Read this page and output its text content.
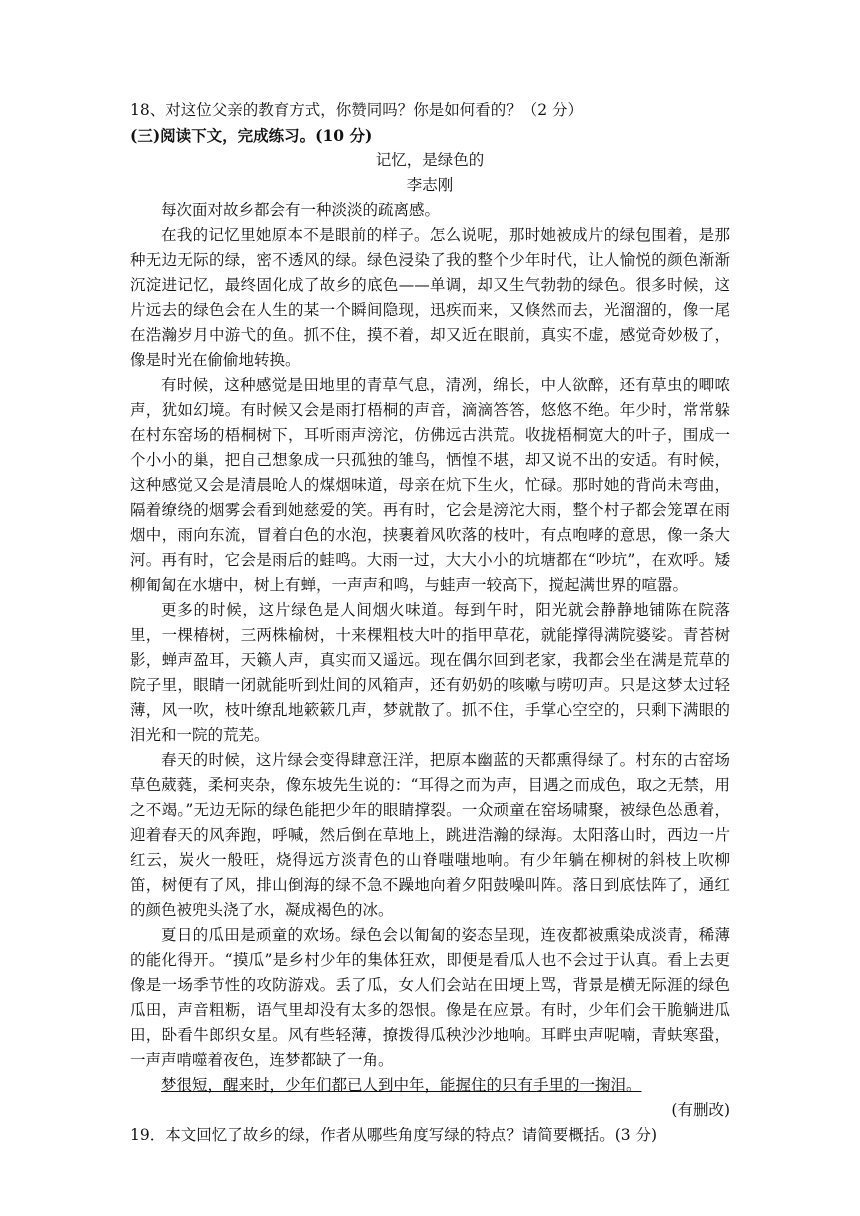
18、对这位父亲的教育方式，你赞同吗？你是如何看的？（2 分）

(三)阅读下文，完成练习。(10 分)

记忆，是绿色的

李志刚

每次面对故乡都会有一种淡淡的疏离感。

在我的记忆里她原本不是眼前的样子。怎么说呢，那时她被成片的绿包围着，是那种无边无际的绿，密不透风的绿。绿色浸染了我的整个少年时代，让人愉悦的颜色渐渐沉淀进记忆，最终固化成了故乡的底色——单调，却又生气勃勃的绿色。很多时候，这片远去的绿色会在人生的某一个瞬间隐现，迅疾而来，又倏然而去，光溜溜的，像一尾在浩瀚岁月中游弋的鱼。抓不住，摸不着，却又近在眼前，真实不虚，感觉奇妙极了，像是时光在偷偷地转换。

有时候，这种感觉是田地里的青草气息，清冽，绵长，中人欲醉，还有草虫的唧哝声，犹如幻境。有时候又会是雨打梧桐的声音，滴滴答答，悠悠不绝。年少时，常常躲在村东窑场的梧桐树下，耳听雨声滂沱，仿佛远古洪荒。收拢梧桐宽大的叶子，围成一个小小的巢，把自己想象成一只孤独的雏鸟，恓惶不堪，却又说不出的安适。有时候，这种感觉又会是清晨呛人的煤烟味道，母亲在炕下生火，忙碌。那时她的背尚未弯曲，隔着缭绕的烟雾会看到她慈爱的笑。再有时，它会是滂沱大雨，整个村子都会笼罩在雨烟中，雨向东流，冒着白色的水泡，挟裹着风吹落的枝叶，有点咆哮的意思，像一条大河。再有时，它会是雨后的蛙鸣。大雨一过，大大小小的坑塘都在“吵坑”，在欢呼。矮柳匍匐在水塘中，树上有蝉，一声声和鸣，与蛙声一较高下，搅起满世界的喧嚣。

更多的时候，这片绿色是人间烟火味道。每到午时，阳光就会静静地铺陈在院落里，一棵椿树，三两株榆树，十来棵粗枝大叶的指甲草花，就能撑得满院婆娑。青苔树影，蝉声盈耳，天籁人声，真实而又遥远。现在偶尔回到老家，我都会坐在满是荒草的院子里，眼睛一闭就能听到灶间的风箱声，还有奶奶的咳嗽与唠叨声。只是这梦太过轻薄，风一吹，枝叶缭乱地簌簌几声，梦就散了。抓不住，手掌心空空的，只剩下满眼的泪光和一院的荒芜。

春天的时候，这片绿会变得肆意汪洋，把原本幽蓝的天都熏得绿了。村东的古窑场草色葳蕤，柔柯夹杂，像东坡先生说的：“耳得之而为声，目遇之而成色，取之无禁，用之不竭。”无边无际的绿色能把少年的眼睛撑裂。一众顽童在窑场啸聚，被绿色怂恿着，迎着春天的风奔跑，呼喊，然后倒在草地上，跳进浩瀚的绿海。太阳落山时，西边一片红云，炭火一般旺，烧得远方淡青色的山脊嗤嗤地响。有少年躺在柳树的斜枝上吹柳笛，树便有了风，排山倒海的绿不急不躁地向着夕阳鼓噪叫阵。落日到底怯阵了，通红的颜色被兜头浇了水，凝成褐色的冰。

夏日的瓜田是顽童的欢场。绿色会以匍匐的姿态呈现，连夜都被熏染成淡青，稀薄的能化得开。“摸瓜”是乡村少年的集体狂欢，即便是看瓜人也不会过于认真。看上去更像是一场季节性的攻防游戏。丢了瓜，女人们会站在田埂上骂，背景是横无际涯的绿色瓜田，声音粗粝，语气里却没有太多的怨恨。像是在应景。有时，少年们会干脆躺进瓜田，卧看牛郎织女星。风有些轻薄，撩拨得瓜秧沙沙地响。耳畔虫声呢喃，青蚨寒蛩，一声声啃噬着夜色，连梦都缺了一角。

梦很短，醒来时，少年们都已人到中年，能握住的只有手里的一掬泪。

(有删改)

19．本文回忆了故乡的绿，作者从哪些角度写绿的特点？请简要概括。(3 分)
